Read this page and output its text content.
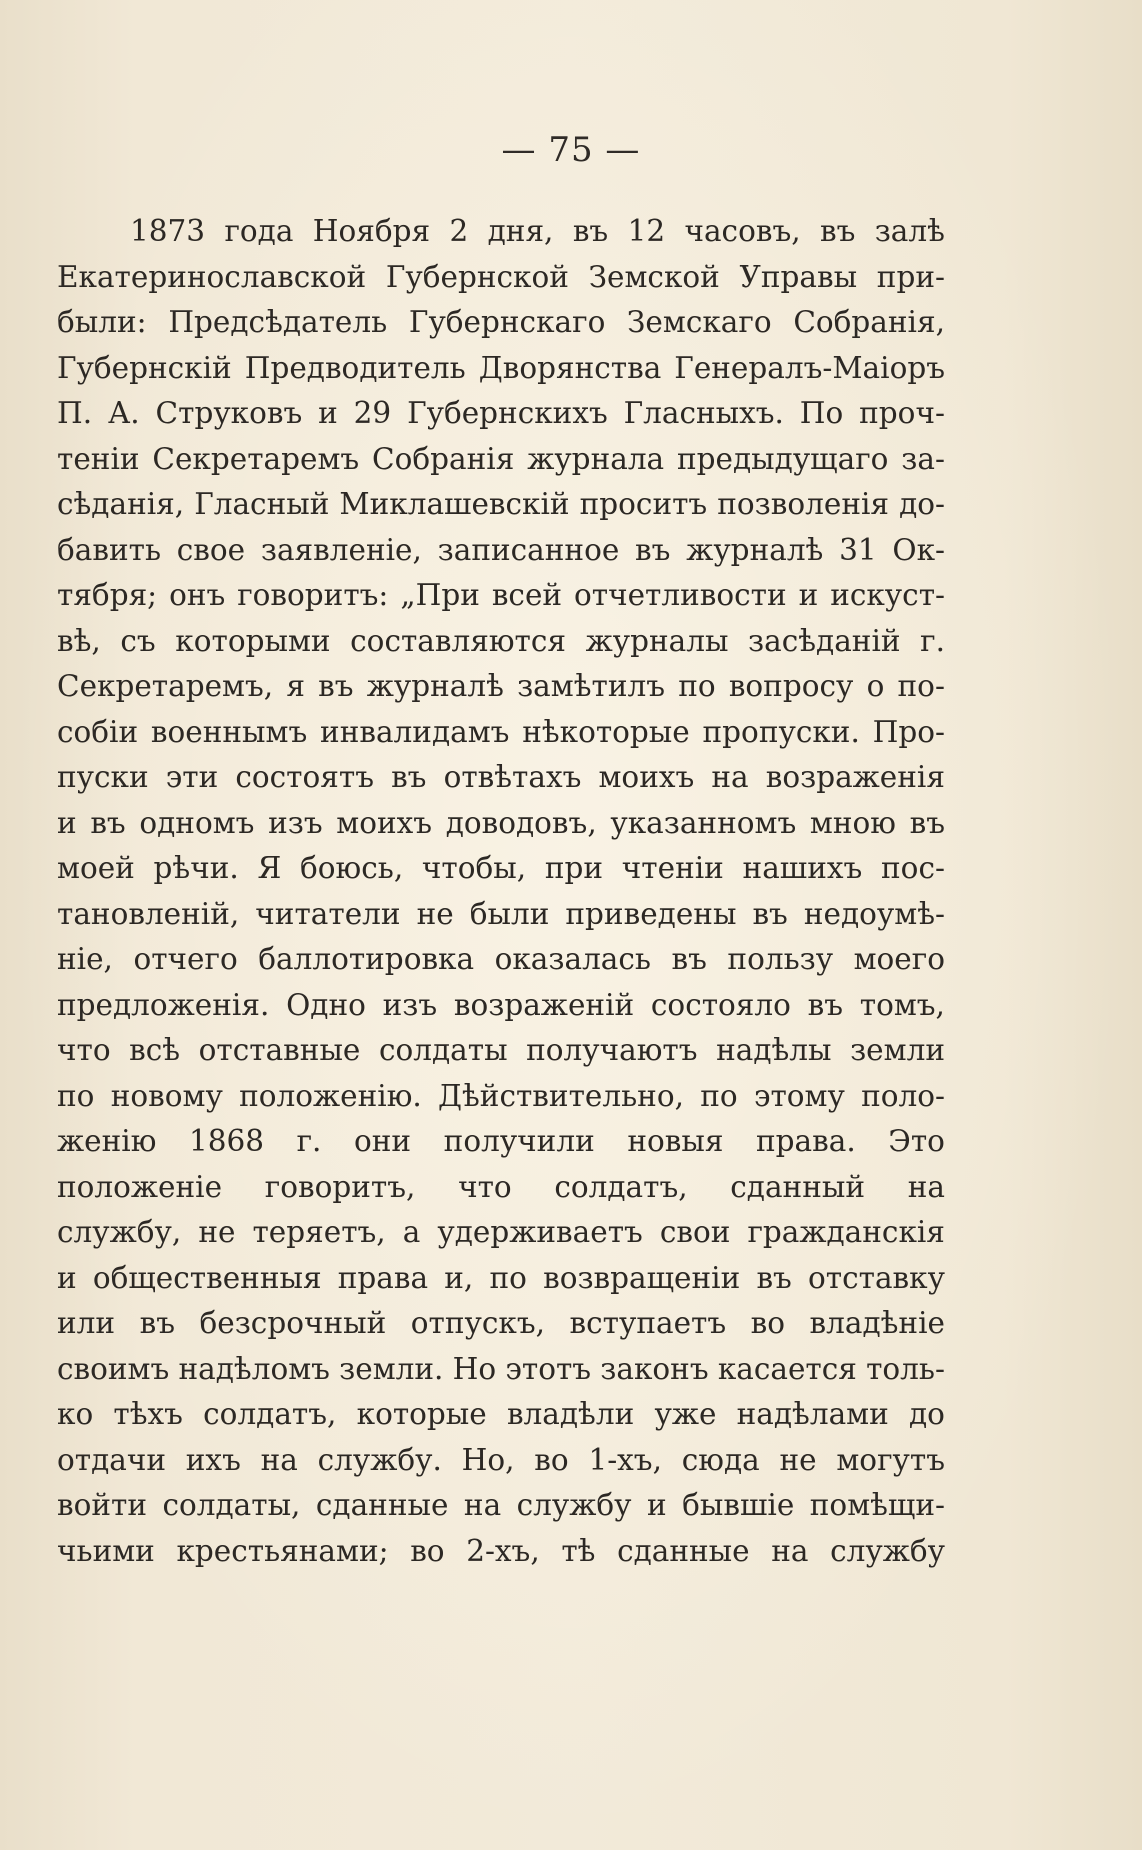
— 75 —
1873 года Ноября 2 дня, въ 12 часовъ, въ залѣ
Екатеринославской Губернской Земской Управы при-
были: Предсѣдатель Губернскаго Земскаго Собранія,
Губернскій Предводитель Дворянства Генералъ-Маіоръ
П. А. Струковъ и 29 Губернскихъ Гласныхъ. По проч-
теніи Секретаремъ Собранія журнала предыдущаго за-
сѣданія, Гласный Миклашевскій проситъ позволенія до-
бавить свое заявленіе, записанное въ журналѣ 31 Ок-
тября; онъ говоритъ: „При всей отчетливости и искуст-
вѣ, съ которыми составляются журналы засѣданій г.
Секретаремъ, я въ журналѣ замѣтилъ по вопросу о по-
собіи военнымъ инвалидамъ нѣкоторые пропуски. Про-
пуски эти состоятъ въ отвѣтахъ моихъ на возраженія
и въ одномъ изъ моихъ доводовъ, указанномъ мною въ
моей рѣчи. Я боюсь, чтобы, при чтеніи нашихъ пос-
тановленій, читатели не были приведены въ недоумѣ-
ніе, отчего баллотировка оказалась въ пользу моего
предложенія. Одно изъ возраженій состояло въ томъ,
что всѣ отставные солдаты получаютъ надѣлы земли
по новому положенію. Дѣйствительно, по этому поло-
женію 1868 г. они получили новыя права. Это
положеніе говоритъ, что солдатъ, сданный на
службу, не теряетъ, а удерживаетъ свои гражданскія
и общественныя права и, по возвращеніи въ отставку
или въ безсрочный отпускъ, вступаетъ во владѣніе
своимъ надѣломъ земли. Но этотъ законъ касается толь-
ко тѣхъ солдатъ, которые владѣли уже надѣлами до
отдачи ихъ на службу. Но, во 1-хъ, сюда не могутъ
войти солдаты, сданные на службу и бывшіе помѣщи-
чьими крестьянами; во 2-хъ, тѣ сданные на службу
